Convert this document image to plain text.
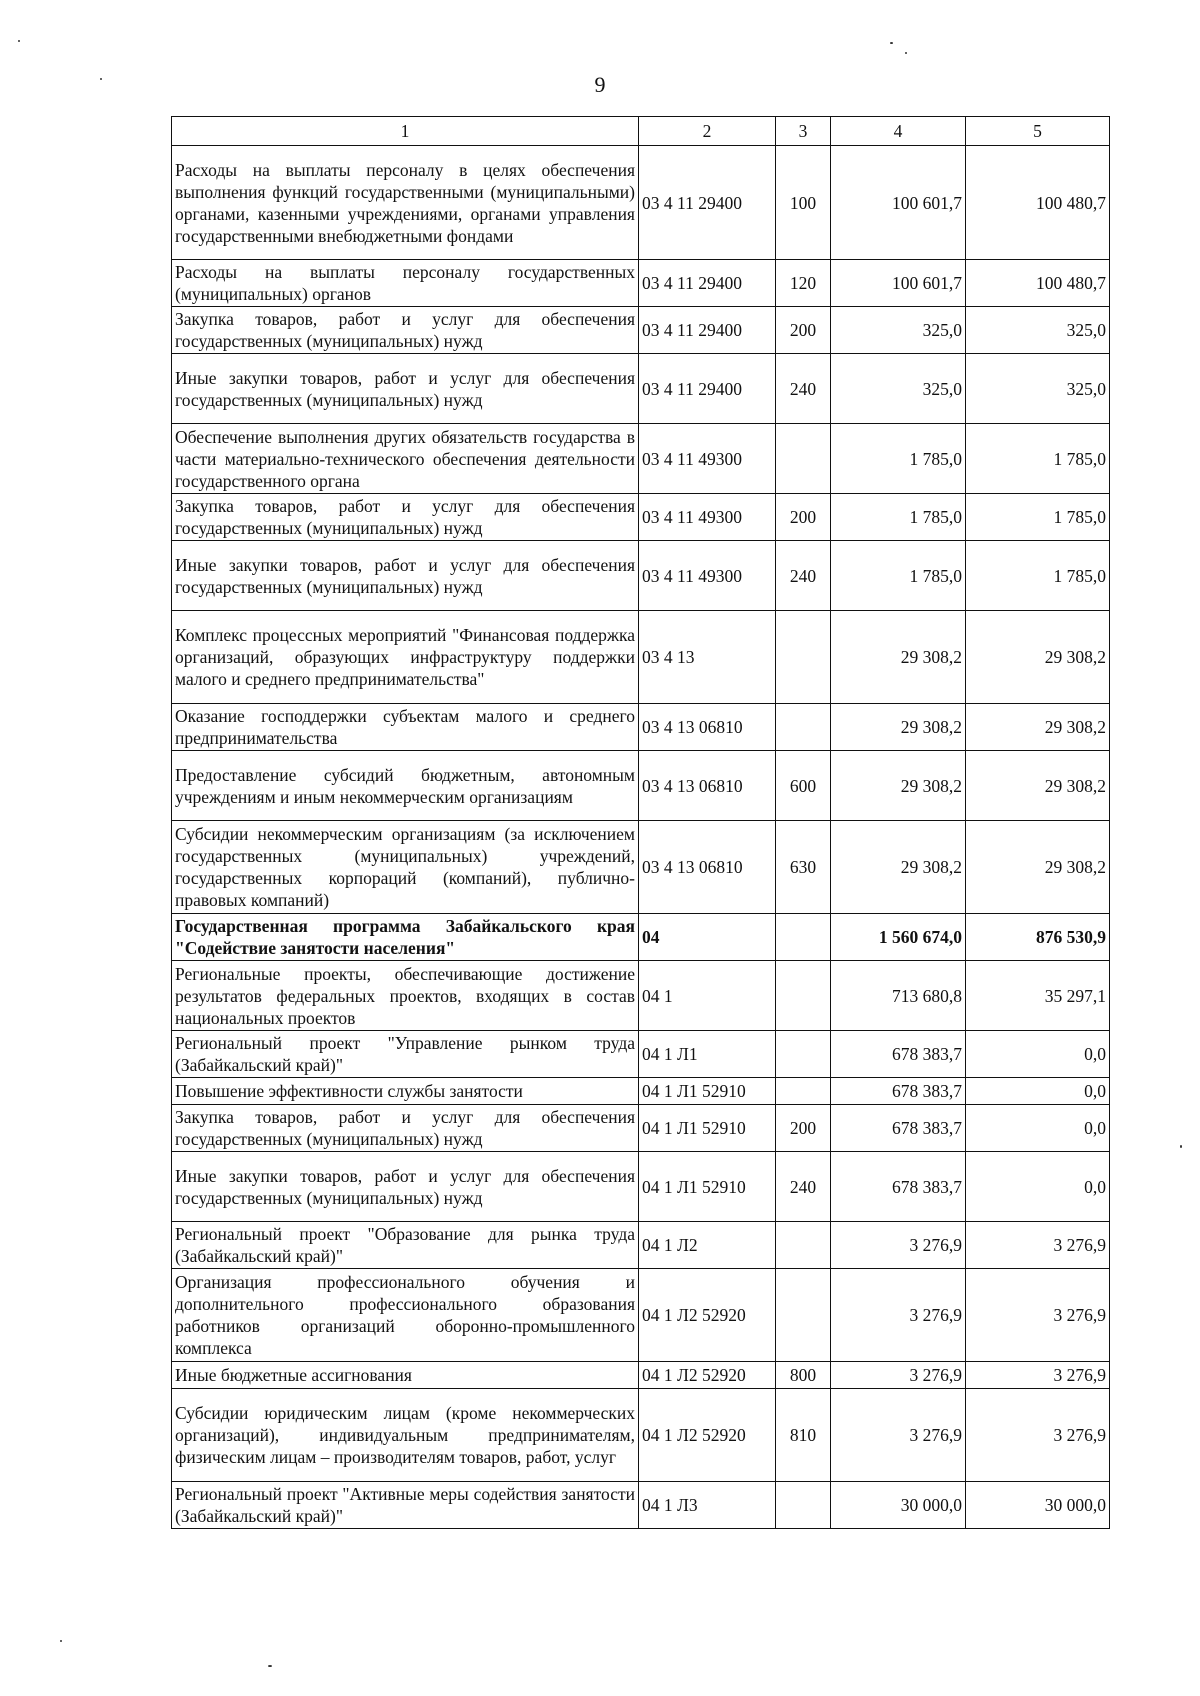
9
1	2	3	4	5
Расходы на выплаты персоналу в целях обеспечения выполнения функций государственными (муниципальными) органами, казенными учреждениями, органами управления государственными внебюджетными фондами	03 4 11 29400	100	100 601,7	100 480,7
Расходы на выплаты персоналу государственных (муниципальных) органов	03 4 11 29400	120	100 601,7	100 480,7
Закупка товаров, работ и услуг для обеспечения государственных (муниципальных) нужд	03 4 11 29400	200	325,0	325,0
Иные закупки товаров, работ и услуг для обеспечения государственных (муниципальных) нужд	03 4 11 29400	240	325,0	325,0
Обеспечение выполнения других обязательств государства в части материально-технического обеспечения деятельности государственного органа	03 4 11 49300		1 785,0	1 785,0
Закупка товаров, работ и услуг для обеспечения государственных (муниципальных) нужд	03 4 11 49300	200	1 785,0	1 785,0
Иные закупки товаров, работ и услуг для обеспечения государственных (муниципальных) нужд	03 4 11 49300	240	1 785,0	1 785,0
Комплекс процессных мероприятий "Финансовая поддержка организаций, образующих инфраструктуру поддержки малого и среднего предпринимательства"	03 4 13		29 308,2	29 308,2
Оказание господдержки субъектам малого и среднего предпринимательства	03 4 13 06810		29 308,2	29 308,2
Предоставление субсидий бюджетным, автономным учреждениям и иным некоммерческим организациям	03 4 13 06810	600	29 308,2	29 308,2
Субсидии некоммерческим организациям (за исключением государственных (муниципальных) учреждений, государственных корпораций (компаний), публично-правовых компаний)	03 4 13 06810	630	29 308,2	29 308,2
Государственная программа Забайкальского края "Содействие занятости населения"	04		1 560 674,0	876 530,9
Региональные проекты, обеспечивающие достижение результатов федеральных проектов, входящих в состав национальных проектов	04 1		713 680,8	35 297,1
Региональный проект "Управление рынком труда (Забайкальский край)"	04 1 Л1		678 383,7	0,0
Повышение эффективности службы занятости	04 1 Л1 52910		678 383,7	0,0
Закупка товаров, работ и услуг для обеспечения государственных (муниципальных) нужд	04 1 Л1 52910	200	678 383,7	0,0
Иные закупки товаров, работ и услуг для обеспечения государственных (муниципальных) нужд	04 1 Л1 52910	240	678 383,7	0,0
Региональный проект "Образование для рынка труда (Забайкальский край)"	04 1 Л2		3 276,9	3 276,9
Организация профессионального обучения и дополнительного профессионального образования работников организаций оборонно-промышленного комплекса	04 1 Л2 52920		3 276,9	3 276,9
Иные бюджетные ассигнования	04 1 Л2 52920	800	3 276,9	3 276,9
Субсидии юридическим лицам (кроме некоммерческих организаций), индивидуальным предпринимателям, физическим лицам – производителям товаров, работ, услуг	04 1 Л2 52920	810	3 276,9	3 276,9
Региональный проект "Активные меры содействия занятости (Забайкальский край)"	04 1 Л3		30 000,0	30 000,0
